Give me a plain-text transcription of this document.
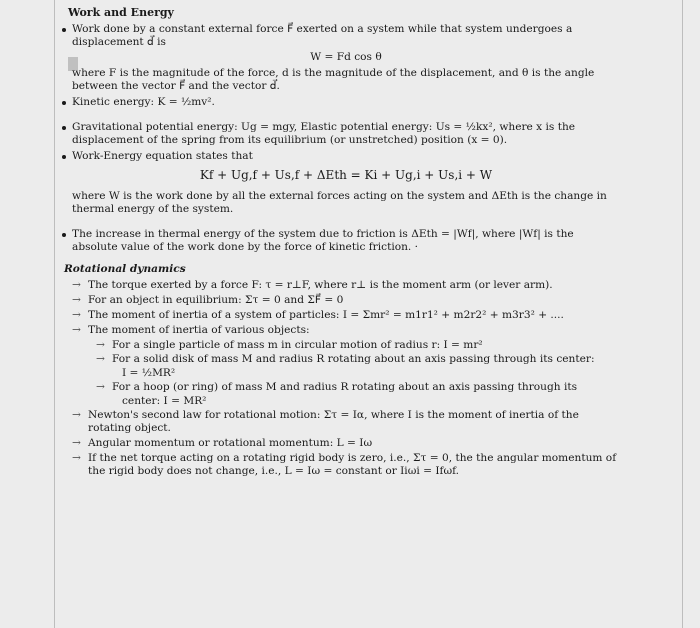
Work and Energy
Work done by a constant external force F⃗ exerted on a system while that system undergoes a displacement d⃗ is
W = Fd cos θ
where F is the magnitude of the force, d is the magnitude of the displacement, and θ is the angle between the vector F⃗ and the vector d⃗.
Kinetic energy: K = ½mv².
Gravitational potential energy: Ug = mgy, Elastic potential energy: Us = ½kx², where x is the displacement of the spring from its equilibrium (or unstretched) position (x = 0).
Work-Energy equation states that
Kf + Ug,f + Us,f + ΔEth = Ki + Ug,i + Us,i + W
where W is the work done by all the external forces acting on the system and ΔEth is the change in thermal energy of the system.
The increase in thermal energy of the system due to friction is ΔEth = |Wf|, where |Wf| is the absolute value of the work done by the force of kinetic friction. ·
Rotational dynamics
→ The torque exerted by a force F: τ = r⊥F, where r⊥ is the moment arm (or lever arm).
→ For an object in equilibrium: Στ = 0 and ΣF⃗ = 0
→ The moment of inertia of a system of particles: I = Σmr² = m1r1² + m2r2² + m3r3² + ....
→ The moment of inertia of various objects:
→ For a single particle of mass m in circular motion of radius r: I = mr²
→ For a solid disk of mass M and radius R rotating about an axis passing through its center:
I = ½MR²
→ For a hoop (or ring) of mass M and radius R rotating about an axis passing through its
center: I = MR²
→ Newton's second law for rotational motion: Στ = Iα, where I is the moment of inertia of the rotating object.
→ Angular momentum or rotational momentum: L = Iω
→ If the net torque acting on a rotating rigid body is zero, i.e., Στ = 0, the the angular momentum of the rigid body does not change, i.e., L = Iω = constant or Iiωi = Ifωf.
